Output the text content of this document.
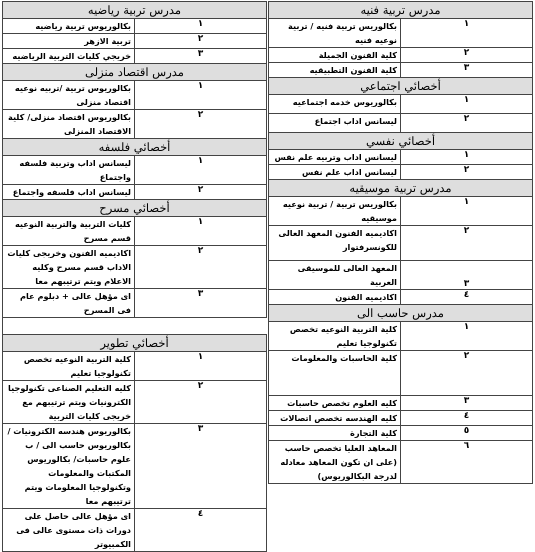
مدرس تربية فنيه	
١	بكالوريس تربية فنيه / تربية نوعيه فنيه
٢	كلية الفنون الجميلة
٣	كلية الفنون التطبيقيه
أخصائي اجتماعي	
١	بكالوريوس خدمه اجتماعيه
٢	ليسانس اداب اجتماع
أخصائي نفسي	
١	ليسانس اداب وتربيه علم نفس
٢	ليسانس اداب علم نفس
مدرس تربية موسيقيه	
١	بكالوريس تربية / تربية نوعيه موسيقيه
٢	اكاديميه الفنون المعهد العالى للكونسرفتوار
٣	المعهد العالى للموسيقى العربية
٤	اكاديميه الفنون
مدرس حاسب الى	
١	كلية التربية النوعيه تخصص تكنولوجيا تعليم
٢	كلية الحاسبات والمعلومات
٣	كليه العلوم تخصص حاسبات
٤	كليه الهندسه تخصص اتصالات
٥	كلية التجارة
٦	المعاهد العليا تخصص حاسب (على ان تكون المعاهد معادله لدرجة البكالوريوس)
مدرس تربية رياضيه	
١	بكالوريوس تربية رياضيه
٢	تربية الازهر
٣	خريجي كليات التربية الرياضيه
مدرس اقتصاد منزلى	
١	بكالوريوس تربية /تربيه نوعيه اقتصاد منزلى
٢	بكالوريوس اقتصاد منزلى/ كلية الاقتصاد المنزلى
أخصائي فلسفه	
١	ليسانس اداب وتربية فلسفه واجتماع
٢	ليسانس اداب فلسفه واجتماع
أخصائي مسرح	
١	كليات التربية والتربية النوعيه قسم مسرح
٢	اكاديميه الفنون وخريجى كليات الاداب قسم مسرح وكليه الاعلام ويتم ترتيبهم معا
٣	اى مؤهل عالى + دبلوم عام فى المسرح

أخصائي تطوير	
١	كلية التربية النوعيه تخصص تكنولوجيا تعليم
٢	كليه التعليم الصناعى تكنولوجيا الكترونيات ويتم ترتيبهم مع خريجى كليات التربية
٣	بكالوريوس هندسه الكترونيات / بكالوريوس حاسب الى / ب علوم حاسبات/ بكالوريوس المكتبات والمعلومات وتكنولوجيا المعلومات ويتم ترتيبهم معا
٤	اى مؤهل عالى حاصل على دورات ذات مستوى عالى فى الكمبيوتر
